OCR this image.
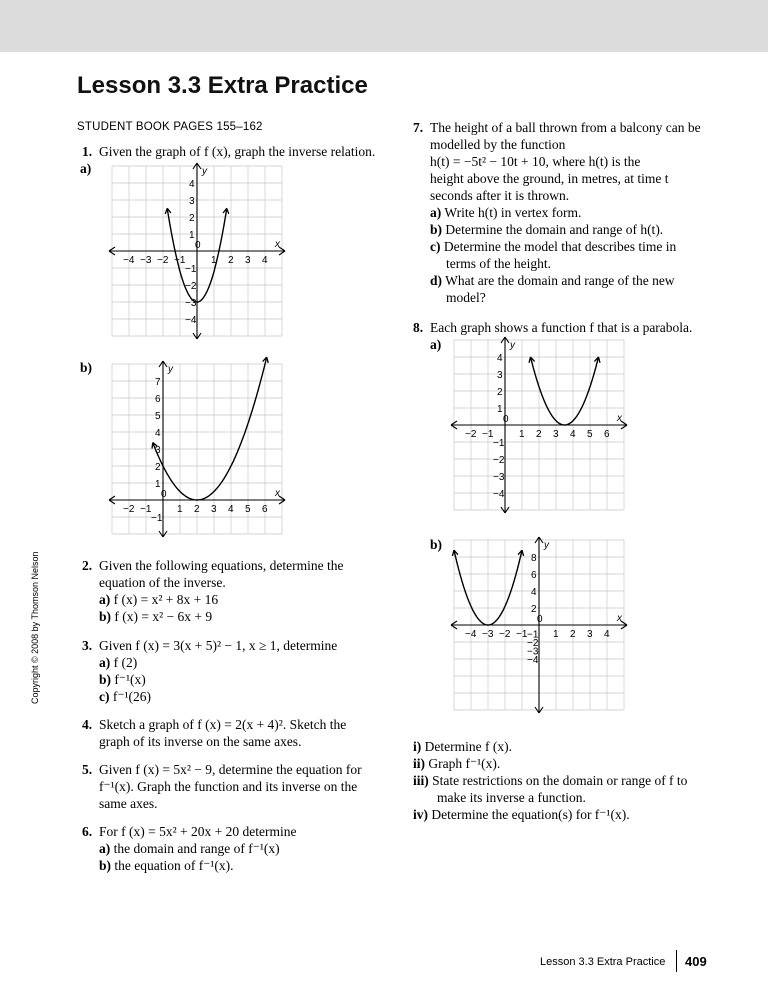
Lesson 3.3 Extra Practice
STUDENT BOOK PAGES 155–162
Copyright © 2008 by Thomson Nelson
1. Given the graph of f (x), graph the inverse relation.
a)
−4 −3 −2 −1
0
1 2 3 4
4
3
2
1
−1
−2
−3
−4
x
y
b)
−2 −1
0
1 2 3 4 5 6
7
6
5
4
3
2
1
−1
x
y
2. Given the following equations, determine the
equation of the inverse.
a) f (x) = x² + 8x + 16
b) f (x) = x² − 6x + 9
3. Given f (x) = 3(x + 5)² − 1, x ≥ 1, determine
a) f (2)
b) f⁻¹(x)
c) f⁻¹(26)
4. Sketch a graph of f (x) = 2(x + 4)². Sketch the
graph of its inverse on the same axes.
5. Given f (x) = 5x² − 9, determine the equation for
f⁻¹(x). Graph the function and its inverse on the
same axes.
6. For f (x) = 5x² + 20x + 20 determine
a) the domain and range of f⁻¹(x)
b) the equation of f⁻¹(x).
7. The height of a ball thrown from a balcony can be
modelled by the function
h(t) = −5t² − 10t + 10, where h(t) is the
height above the ground, in metres, at time t
seconds after it is thrown.
a) Write h(t) in vertex form.
b) Determine the domain and range of h(t).
c) Determine the model that describes time in
terms of the height.
d) What are the domain and range of the new
model?
8. Each graph shows a function f that is a parabola.
a)
−2 −1
0
1 2 3 4 5 6
4
3
2
1
−1
−2
−3
−4
x
y
b)
−4 −3 −2 −1
0
1 2 3 4
8
6
4
2
−1
−2
−3
−4
x
y
i) Determine f (x).
ii) Graph f⁻¹(x).
iii) State restrictions on the domain or range of f to
make its inverse a function.
iv) Determine the equation(s) for f⁻¹(x).
Lesson 3.3 Extra Practice 409
